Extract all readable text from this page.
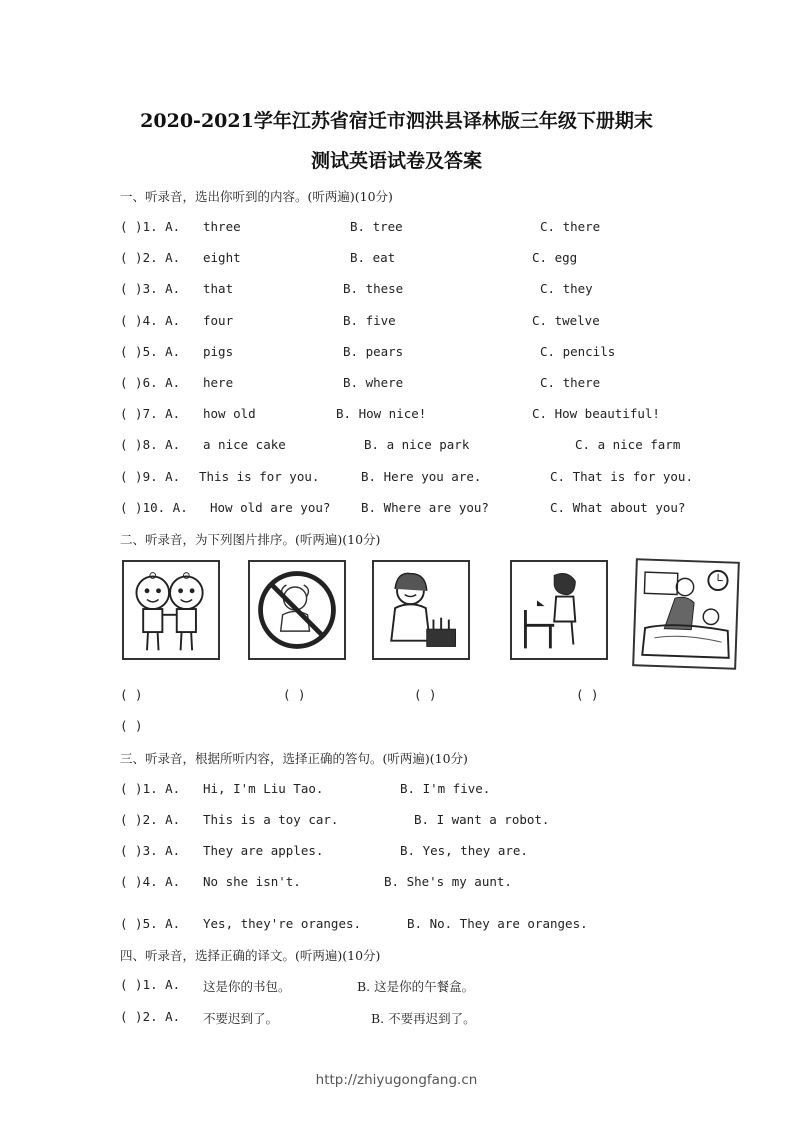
2020-2021学年江苏省宿迁市泗洪县译林版三年级下册期末
测试英语试卷及答案
一、听录音，选出你听到的内容。(听两遍)(10分)
( )1. A. three	B. tree	C. there
( )2. A. eight	B. eat	C. egg
( )3. A. that	B. these	C. they
( )4. A. four	B. five	C. twelve
( )5. A. pigs	B. pears	C. pencils
( )6. A. here	B. where	C. there
( )7. A. how old	B. How nice!	C. How beautiful!
( )8. A. a nice cake	B. a nice park	C. a nice farm
( )9. A. This is for you.	B. Here you are.	C. That is for you.
( )10. A. How old are you? B. Where are you?	C. What about you?
二、听录音，为下列图片排序。(听两遍)(10分)
( )	( )	( )	( )
( )
三、听录音，根据所听内容，选择正确的答句。(听两遍)(10分)
( )1. A. Hi, I'm Liu Tao.	B. I'm five.
( )2. A. This is a toy car.	B. I want a robot.
( )3. A. They are apples.	B. Yes, they are.
( )4. A. No she isn't.	B. She's my aunt.
( )5. A. Yes, they're oranges.	B. No. They are oranges.
四、听录音，选择正确的译文。(听两遍)(10分)
( )1. A. 这是你的书包。	B. 这是你的午餐盒。
( )2. A. 不要迟到了。	B. 不要再迟到了。
http://zhiyugongfang.cn
